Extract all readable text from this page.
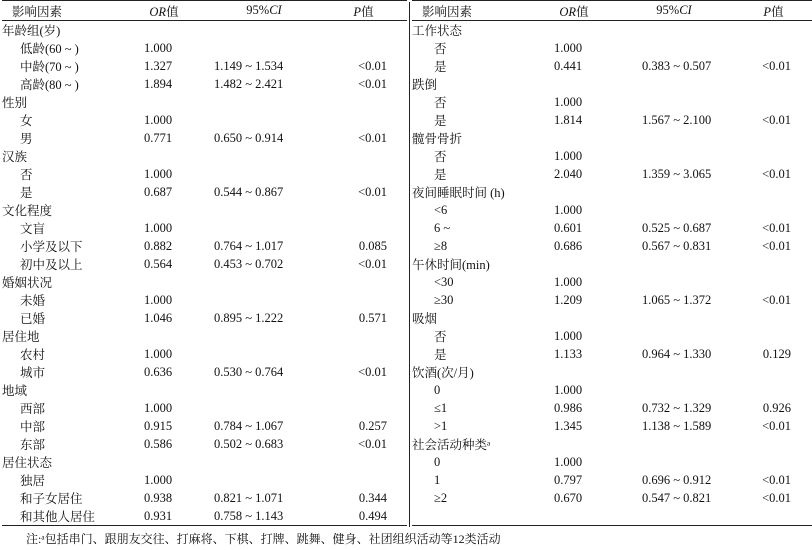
影响因素	OR值	95%CI	P值
年龄组(岁)			
低龄(60 ~ )	1.000		
中龄(70 ~ )	1.327	1.149 ~ 1.534	<0.01
高龄(80 ~ )	1.894	1.482 ~ 2.421	<0.01
性别			
女	1.000		
男	0.771	0.650 ~ 0.914	<0.01
汉族			
否	1.000		
是	0.687	0.544 ~ 0.867	<0.01
文化程度			
文盲	1.000		
小学及以下	0.882	0.764 ~ 1.017	0.085
初中及以上	0.564	0.453 ~ 0.702	<0.01
婚姻状况			
未婚	1.000		
已婚	1.046	0.895 ~ 1.222	0.571
居住地			
农村	1.000		
城市	0.636	0.530 ~ 0.764	<0.01
地域			
西部	1.000		
中部	0.915	0.784 ~ 1.067	0.257
东部	0.586	0.502 ~ 0.683	<0.01
居住状态			
独居	1.000		
和子女居住	0.938	0.821 ~ 1.071	0.344
和其他人居住	0.931	0.758 ~ 1.143	0.494
影响因素	OR值	95%CI	P值
工作状态			
否	1.000		
是	0.441	0.383 ~ 0.507	<0.01
跌倒			
否	1.000		
是	1.814	1.567 ~ 2.100	<0.01
髋骨骨折			
否	1.000		
是	2.040	1.359 ~ 3.065	<0.01
夜间睡眠时间 (h)			
<6	1.000		
6 ~	0.601	0.525 ~ 0.687	<0.01
≥8	0.686	0.567 ~ 0.831	<0.01
午休时间(min)			
<30	1.000		
≥30	1.209	1.065 ~ 1.372	<0.01
吸烟			
否	1.000		
是	1.133	0.964 ~ 1.330	0.129
饮酒(次/月)			
0	1.000		
≤1	0.986	0.732 ~ 1.329	0.926
>1	1.345	1.138 ~ 1.589	<0.01
社会活动种类ᵃ			
0	1.000		
1	0.797	0.696 ~ 0.912	<0.01
≥2	0.670	0.547 ~ 0.821	<0.01

注:ᵃ包括串门、跟朋友交往、打麻将、下棋、打牌、跳舞、健身、社团组织活动等12类活动
